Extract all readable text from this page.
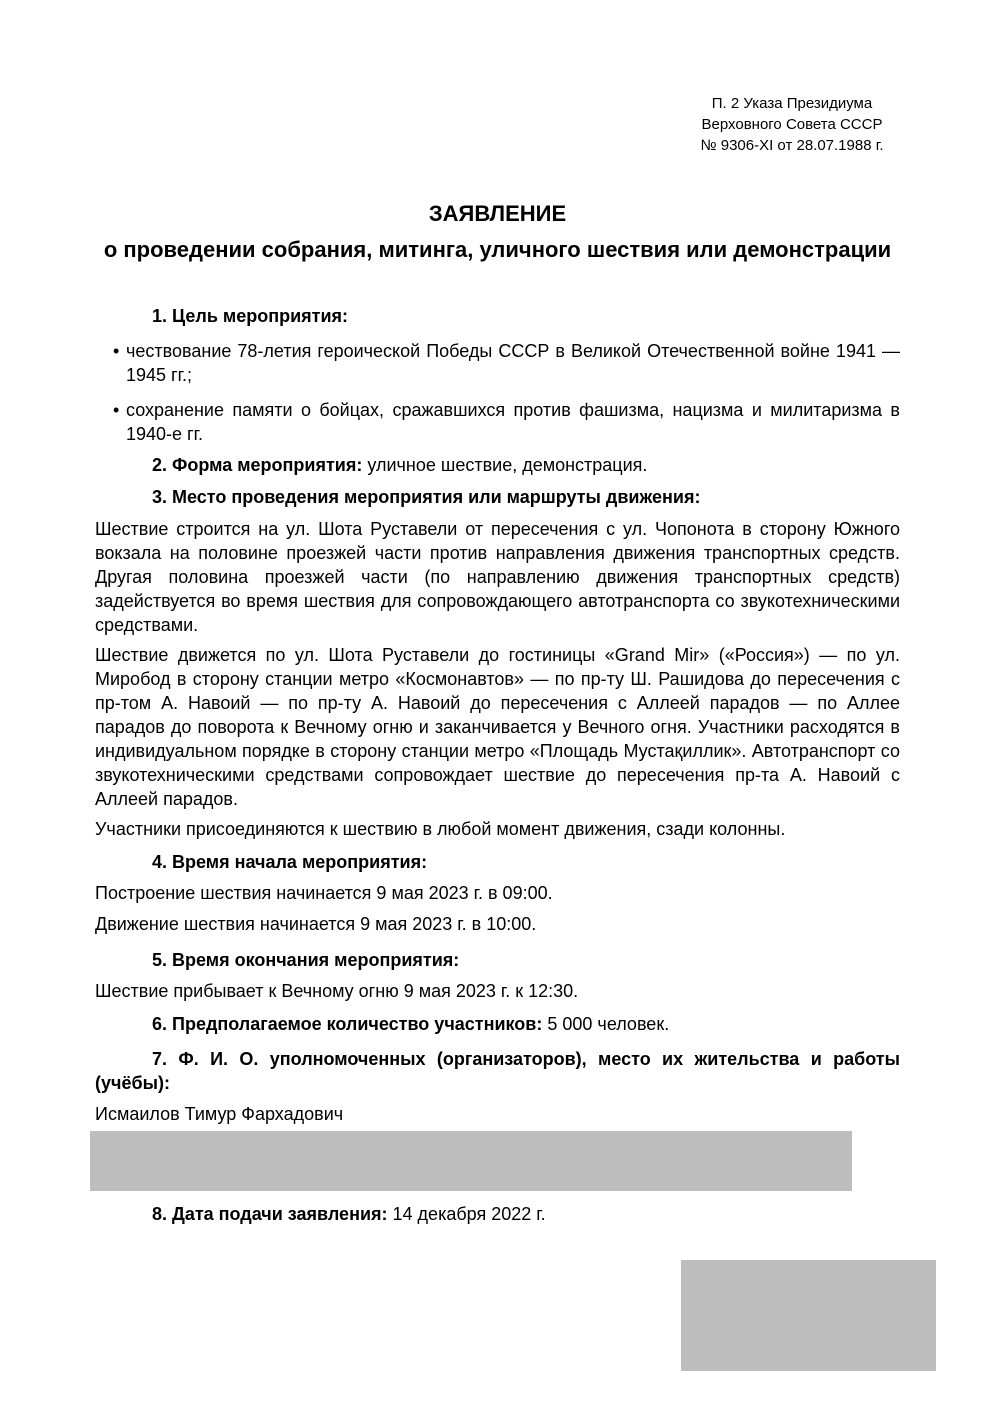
П. 2 Указа Президиума
Верховного Совета СССР
№ 9306-XI от 28.07.1988 г.
ЗАЯВЛЕНИЕ
о проведении собрания, митинга, уличного шествия или демонстрации

1. Цель мероприятия:

• чествование 78-летия героической Победы СССР в Великой Отечественной войне 1941 — 1945 гг.;
• сохранение памяти о бойцах, сражавшихся против фашизма, нацизма и милитаризма в 1940-е гг.

2. Форма мероприятия: уличное шествие, демонстрация.

3. Место проведения мероприятия или маршруты движения:

Шествие строится на ул. Шота Руставели от пересечения с ул. Чопонота в сторону Южного вокзала на половине проезжей части против направления движения транспортных средств. Другая половина проезжей части (по направлению движения транспортных средств) задействуется во время шествия для сопровождающего автотранспорта со звукотехническими средствами.

Шествие движется по ул. Шота Руставели до гостиницы «Grand Mir» («Россия») — по ул. Миробод в сторону станции метро «Космонавтов» — по пр-ту Ш. Рашидова до пересечения с пр-том А. Навоий — по пр-ту А. Навоий до пересечения с Аллеей парадов — по Аллее парадов до поворота к Вечному огню и заканчивается у Вечного огня. Участники расходятся в индивидуальном порядке в сторону станции метро «Площадь Мустақиллик». Автотранспорт со звукотехническими средствами сопровождает шествие до пересечения пр-та А. Навоий с Аллеей парадов.

Участники присоединяются к шествию в любой момент движения, сзади колонны.

4. Время начала мероприятия:

Построение шествия начинается 9 мая 2023 г. в 09:00.

Движение шествия начинается 9 мая 2023 г. в 10:00.

5. Время окончания мероприятия:

Шествие прибывает к Вечному огню 9 мая 2023 г. к 12:30.

6. Предполагаемое количество участников: 5 000 человек.

7. Ф. И. О. уполномоченных (организаторов), место их жительства и работы (учёбы):

Исмаилов Тимур Фархадович

8. Дата подачи заявления: 14 декабря 2022 г.
